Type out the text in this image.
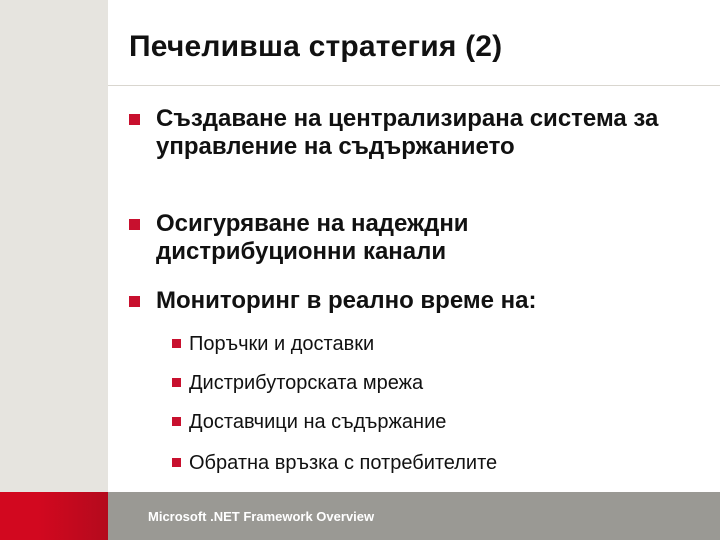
Печеливша стратегия (2)
Създаване на централизирана система за управление на съдържанието
Осигуряване на надеждни дистрибуционни канали
Мониторинг в реално време на:
Поръчки и доставки
Дистрибуторската мрежа
Доставчици на съдържание
Обратна връзка с потребителите
Microsoft .NET Framework Overview
